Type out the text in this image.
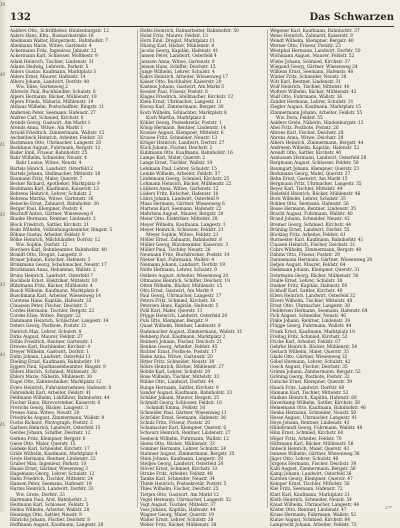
39
40
41
42
43
44
45
132	Das Schwarzen
Aalders Otto, Schriftleiter, Hindenburgstr. 12
Aalers Hans, Kfm., Bismarckstraße 18
Abelmann Walter, Bürgermstr., Bahnhofstr. 7
Abelmann Marie, Witwe, Gartenstr. 4
Ackermann Fritz, Ingenieur, Jahnstr. 22
Ackermann Karl, Schlosser, Moltkestr. 9
Adam Heinrich, Tischler, Lindenstr. 31
Adams Hedwig, Lehrerin, Parkstr. 5
Ahlers Gustav, Kaufmann, Marktplatz 3
Ahlers Ernst, Maurer, Hafenstr. 14
Albers Johann, Landwirt, Dorfstr. 40
Ww. Elise, Gartenweg 2
Albrecht Paul, Buchhändler, Schulstr. 6
Alpers Hermann, Bäcker, Mühlenstr. 19
Alpers Frieda, Näherin, Mühlenstr. 19
Althaus Wilhelm, Postschaffner, Ringstr. 11
Andersen Peter, Seemann, Hafenstr. 27
Andree Carl, Schmied, Kirchstr. 8
Arends Georg, Gastwirt, Am Markt 1
Arends Anna, Witwe, Am Markt 1
Arnold Friedrich, Zimmermann, Wallstr. 15
Aschenbeck Heinrich, Arbeiter, Feldstr. 33
Bachmann Otto, Uhrmacher, Langestr. 20
Backhaus August, Fuhrmann, Bergstr. 12
Bader Emil, Friseur, Bahnhofstr. 25
Bahr Wilhelm, Schneider, Neustr. 4
Bahr Louise, Witwe, Neustr. 4
Bartels Hinrich, Landwirt, Osterfeld 2
Bartels Johann, Stellmacher, Mittelstr. 18
Baumann Fritz, Maler, Querstr. 7
Becker Richard, Apotheker, Marktplatz 9
Beckmann Karl, Kaufmann, Kaiserstr. 13
Behrens Heinrich, Lehrer, Schulstr. 2
Behrens Martha, Witwe, Gartenstr. 16
Benecke Ernst, Zahnarzt, Bahnhofstr. 30
Berger Paul, Klempner, Poststr. 6
Bischoff Anton, Gärtner, Wiesenweg 8
Blanke Hermann, Rentner, Lindenstr. 3
Block Friedrich, Sattler, Kirchstr. 21
Bode Wilhelm, Vollziehungsbeamter, Ringstr. 5
Böhme Gustav, Arbeiter, Feldstr. 9
Bölke Heinrich, Milchhändler, Dorfstr. 12
Ww. Sophie, Dorfstr. 12
Borchers Karl, Bahnbeamter, Bahnhofstr. 40
Brandt Otto, Drogist, Langestr. 8
Brauer Johann, Kutscher, Hafenstr. 3
Brinkmann Georg, Schuhmacher, Neustr. 17
Brockmann Anna, Hebamme, Wallstr. 2
Bruns Heinrich, Landwirt, Osterfeld 7
Buchholz Ernst, Elektriker, Mittelstr. 10
Bührmann Fritz, Bäcker, Mühlenstr. 4
Busch Wilhelm, Kaufmann, Marktplatz 6
Buschmann Karl, Arbeiter, Wiesenweg 14
Carstens Hans, Kapitän, Hafenstr. 33
Claussen Peter, Fischer, Deichstr. 5
Cordes Hermann, Tischler, Bergstr. 22
Cordes Elise, Witwe, Bergstr. 22
Dammann Heinrich, Schlachter, Langestr. 14
Deters Georg, Postbote, Poststr. 11
Dietrich Max, Lehrer, Schulstr. 8
Dirks August, Maurer, Feldstr. 27
Döhle Friedrich, Rentner, Gartenstr. 1
Drewes Karl, Buchbinder, Kirchstr. 4
Dreyer Wilhelm, Gastwirt, Dorfstr. 1
Duhn Johann, Landwirt, Osterfeld 11
Ebeling Ernst, Kaufmann, Bahnhofstr. 19
Eggers Paul, Sparkassenbeamter, Ringstr. 9
Ehlers Hinrich, Schmied, Mühlenstr. 30
Ehlers Marie, Näherin, Mühlenstr. 30
Engel Otto, Zahntechniker, Marktplatz 12
Evers Heinrich, Fuhrunternehmer, Hafenstr. 8
Fahrenholz Karl, Arbeiter, Feldstr. 41
Feldmann Wilhelm, Lokführer, Bahnhofstr. 44
Fischer Hans, Bürovorsteher, Kaiserstr. 6
Frerichs Georg, Bäcker, Langestr. 3
Freese Anna, Witwe, Neustr. 20
Friedrichs August, Zimmermann, Wallstr. 9
Fuchs Richard, Photograph, Poststr. 2
Garbers Heinrich, Landwirt, Osterfeld 15
Gerdes Johann, Schiffer, Deichstr. 12
Gerken Fritz, Klempner, Bergstr. 6
Giese Otto, Maler, Querstr. 15
Gödeke Karl, Schneider, Kirchstr. 17
Gräfe Wilhelm, Kaufmann, Marktplatz 4
Grote Hermann, Rentner, Lindenstr. 22
Gruber Max, Ingenieur, Parkstr. 10
Haase Ernst, Gärtner, Wiesenweg 3
Hagemann Georg, Lehrer, Schulstr. 12
Hahn Friedrich, Tischler, Mittelstr. 24
Hansen Peter, Seemann, Hafenstr. 19
Harms Heinrich, Landwirt, Dorfstr. 33
Ww. Grete, Dorfstr. 33
Hartmann Paul, Arzt, Bahnhofstr. 2
Heitmann Karl, Schlosser, Feldstr. 5
Helms Wilhelm, Arbeiter, Wallstr. 28
Hennings Otto, Sattler, Neustr. 9
Hinrichs Johann, Fischer, Deichstr. 8
Hoffmann August, Kaufmann, Langestr. 26
Hohls Heinrich, Bahnarbeiter, Bahnhofstr. 50
Holst Fritz, Maurer, Feldstr. 13
Horn Emil, Drogist, Marktplatz 11
Hüsing Karl, Bäcker, Mühlenstr. 8
Jacobs Georg, Kapitän, Hafenstr. 41
Jansen Peter, Landwirt, Osterfeld 4
Janssen Anna, Witwe, Gartenstr. 9
Jensen Hans, Schiffer, Deichstr. 15
Junge Wilhelm, Lehrer, Schulstr. 4
Kahrs Heinrich, Arbeiter, Wiesenweg 17
Kaiser Otto, Buchhalter, Kaiserstr. 20
Kastens Johann, Gastwirt, Am Markt 5
Kessler Paul, Friseur, Poststr. 8
Klages Friedrich, Stellmacher, Kirchstr. 12
Klein Ernst, Uhrmacher, Langestr. 11
Knoop Karl, Zimmermann, Bergstr. 30
Koch Wilhelm, Schlachter, Marktplatz 8
Koch Martha, Marktplatz 8
Köhler Georg, Postsekretär, Poststr. 1
König Hermann, Rentner, Lindenstr. 14
Kramer August, Klempner, Mittelstr. 6
Krause Fritz, Schneider, Neustr. 13
Krüger Heinrich, Landwirt, Dorfstr. 27
Kück Johann, Fischer, Deichstr. 2
Kuhlmann Otto, Kaufmann, Bahnhofstr. 16
Lampe Karl, Maler, Querstr. 2
Lange Ernst, Tischler, Wallstr. 19
Lehmann Paul, Lehrer, Schulstr. 15
Lemke Wilhelm, Arbeiter, Feldstr. 37
Lindemann Georg, Schmied, Kirchstr. 25
Lohmann Heinrich, Bäcker, Mühlenstr. 22
Lübbers Anna, Witwe, Gartenstr. 12
Lüders Fritz, Kutscher, Hafenstr. 10
Lührs Johann, Landwirt, Osterfeld 9
Maas Hermann, Gärtner, Wiesenweg 6
Martens Karl, Seemann, Hafenstr. 22
Mehrtens August, Maurer, Bergstr. 18
Meier Otto, Elektriker, Mittelstr. 28
Meyer Wilhelm, Kaufmann, Langestr. 1
Meyer Heinrich, Schlosser, Feldstr. 21
Meyer Sophie, Witwe, Feldstr. 21
Möller Ernst, Zahnarzt, Bahnhofstr. 8
Müller Georg, Bürobeamter, Kaiserstr. 3
Müller Paul, Tischler, Neustr. 26
Neumann Fritz, Buchdrucker, Poststr. 14
Nieber Karl, Fuhrmann, Wallstr. 4
Niemann Johann, Landwirt, Dorfstr. 19
Nolte Hermann, Lehrer, Schulstr. 9
Oelkers August, Arbeiter, Wiesenweg 20
Oltmanns Heinrich, Schiffer, Deichstr. 18
Otten Wilhelm, Bäcker, Mühlenstr. 15
Otto Ernst, Gastwirt, Am Markt 9
Paul Georg, Uhrmacher, Langestr. 17
Peters Fritz, Schmied, Kirchstr. 30
Petersen Hans, Kapitän, Hafenstr. 5
Pohl Karl, Maler, Querstr. 11
Prigge Heinrich, Landwirt, Osterfeld 20
Puls Otto, Klempner, Bergstr. 9
Quast Wilhelm, Rentner, Lindenstr. 8
Rademacher August, Zimmermann, Wallstr. 31
Rehberg Paul, Kaufmann, Marktplatz 2
Reimers Johann, Fischer, Deichstr. 21
Renken Georg, Arbeiter, Feldstr. 45
Richter Ernst, Postbote, Poststr. 17
Rieke Anna, Witwe, Gartenstr. 20
Ritter Fritz, Schneider, Neustr. 30
Röhrs Heinrich, Bäcker, Mühlenstr. 27
Rohde Karl, Lehrer, Schulstr. 20
Rose Wilhelm, Tischler, Mittelstr. 33
Rübke Otto, Landwirt, Dorfstr. 44
Runge Hermann, Sattler, Kirchstr. 9
Sander August, Kaufmann, Bahnhofstr. 33
Schäfer Johann, Maurer, Bergstr. 25
Schmidt Georg, Schlosser, Feldstr. 16
Schmidt Emma, Feldstr. 16
Schneider Paul, Gärtner, Wiesenweg 11
Schröder Ernst, Seemann, Hafenstr. 36
Schulz Fritz, Friseur, Poststr. 20
Schumacher Karl, Klempner, Querstr. 6
Schwarz Heinrich, Rentner, Lindenstr. 27
Seebeck Wilhelm, Fuhrmann, Wallstr. 12
Siems Otto, Bäcker, Mühlenstr. 33
Sommer Hermann, Lehrer, Schulstr. 24
Stahmer August, Zimmermann, Bergstr. 35
Stein Johann, Kaufmann, Langestr. 29
Stelljes Georg, Landwirt, Osterfeld 24
Stöver Ernst, Schmied, Kirchstr. 33
Strube Fritz, Arbeiter, Feldstr. 48
Tamke Karl, Schneider, Neustr. 34
Thiele Heinrich, Postsekretär, Poststr. 5
Thies Wilhelm, Fischer, Deichstr. 25
Tietjen Otto, Gastwirt, Am Markt 12
Vogel Hermann, Uhrmacher, Langestr. 32
Vogt August, Tischler, Mittelstr. 37
Voss Johann, Kapitän, Hafenstr. 44
Wagner Georg, Maler, Querstr. 19
Walter Ernst, Lehrer, Schulstr. 28
Weber Fritz, Bäcker, Mühlenstr. 38
Wegener Karl, Kaufmann, Bahnhofstr. 37
Weiss Heinrich, Zahnarzt, Kaiserstr. 9
Wendt Wilhelm, Klempner, Bergstr. 40
Werner Otto, Friseur, Poststr. 23
Westphal Hermann, Landwirt, Dorfstr. 50
Wichmann August, Maurer, Feldstr. 52
Wiebe Johann, Schmied, Kirchstr. 37
Wiegand Georg, Gärtner, Wiesenweg 24
Wilkens Ernst, Seemann, Hafenstr. 48
Winter Fritz, Schneider, Neustr. 38
Witt Karl, Rentner, Lindenstr. 31
Wolf Heinrich, Tischler, Mittelstr. 40
Wolters Wilhelm, Bäcker, Mühlenstr. 42
Wulf Otto, Fuhrmann, Wallstr. 36
Zander Hermann, Lehrer, Schulstr. 31
Ziegler August, Kaufmann, Marktplatz 15
Zimmermann Johann, Arbeiter, Feldstr. 55
Ww. Dora, Feldstr. 55
Aalders Grete, Näherin, Hindenburgstr. 12
Abel Fritz, Postbote, Poststr. 26
Ahrens Karl, Fischer, Deichstr. 28
Ahrens Anna, Witwe, Deichstr. 28
Albers Heinrich, Zimmermann, Bergstr. 44
Andresen Wilhelm, Kapitän, Hafenstr. 52
Arendt Otto, Sattler, Kirchstr. 40
Asmussen Hermann, Landwirt, Osterfeld 28
Bargmann August, Schlosser, Feldstr. 58
Baumgart Johann, Klempner, Querstr. 23
Beckmann Georg, Maler, Querstr. 27
Behn Ernst, Gastwirt, Am Markt 15
Bergmann Fritz, Uhrmacher, Langestr. 35
Beyer Karl, Tischler, Mittelstr. 44
Bielefeld Heinrich, Bäcker, Mühlenstr. 46
Bock Wilhelm, Lehrer, Schulstr. 35
Bohlen Otto, Seemann, Hafenstr. 56
Bosse Hermann, Rentner, Lindenstr. 35
Bracht August, Fuhrmann, Wallstr. 40
Brand Johann, Schneider, Neustr. 42
Bremer Georg, Schmied, Kirchstr. 44
Brüning Ernst, Landwirt, Dorfstr. 55
Bücking Fritz, Arbeiter, Feldstr. 61
Burmester Karl, Kaufmann, Bahnhofstr. 41
Claasen Heinrich, Fischer, Deichstr. 31
Cohrs Wilhelm, Zimmermann, Bergstr. 48
Dahms Otto, Friseur, Poststr. 29
Dannemann Hermann, Gärtner, Wiesenweg 28
Detjen August, Maurer, Feldstr. 64
Diekmann Johann, Klempner, Querstr. 31
Dohrmann Georg, Bäcker, Mühlenstr. 50
Dralle Ernst, Lehrer, Schulstr. 38
Dunker Fritz, Kapitän, Hafenstr. 60
Eckhoff Karl, Sattler, Kirchstr. 48
Eilers Heinrich, Landwirt, Osterfeld 32
Elvers Wilhelm, Tischler, Mittelstr. 48
Ernst Otto, Uhrmacher, Langestr. 38
Feddersen Hermann, Seemann, Hafenstr. 64
Fick August, Schneider, Neustr. 46
Finke Johann, Rentner, Lindenstr. 39
Flügge Georg, Fuhrmann, Wallstr. 44
Frank Ernst, Kaufmann, Marktplatz 18
Freitag Fritz, Schmied, Kirchstr. 52
Fricke Karl, Arbeiter, Feldstr. 67
Gehrke Heinrich, Bäcker, Mühlenstr. 54
Gerlach Wilhelm, Maler, Querstr. 35
Glade Otto, Gärtner, Wiesenweg 32
Göbel Hermann, Lehrer, Schulstr. 42
Gosch August, Fischer, Deichstr. 35
Grimm Johann, Zimmermann, Bergstr. 52
Gröning Georg, Postbote, Poststr. 32
Gutsche Ernst, Klempner, Querstr. 39
Haack Fritz, Landwirt, Dorfstr. 60
Hamann Karl, Tischler, Mittelstr. 52
Hanken Heinrich, Kapitän, Hafenstr. 68
Haverkamp Wilhelm, Sattler, Kirchstr. 56
Heinemann Otto, Kaufmann, Bahnhofstr. 46
Henke Hermann, Schneider, Neustr. 50
Hesse August, Uhrmacher, Langestr. 41
Heyn Johann, Rentner, Lindenstr. 43
Hildebrandt Georg, Fuhrmann, Wallstr. 48
Hinz Ernst, Schmied, Kirchstr. 60
Höper Fritz, Arbeiter, Feldstr. 70
Hüttmann Karl, Bäcker, Mühlenstr. 58
Imbeck Heinrich, Maler, Querstr. 43
Isensee Wilhelm, Gärtner, Wiesenweg 36
Jäger Otto, Lehrer, Schulstr. 46
Jürgens Hermann, Fischer, Deichstr. 39
Kahl August, Zimmermann, Bergstr. 56
Kamp Johann, Landwirt, Osterfeld 36
Karsten Georg, Klempner, Querstr. 47
Kemper Ernst, Tischler, Mittelstr. 56
Kiel Fritz, Seemann, Hafenstr. 72
Klatt Karl, Kaufmann, Marktplatz 21
Kloth Heinrich, Schneider, Neustr. 54
Knust Wilhelm, Uhrmacher, Langestr. 44
Köster Otto, Rentner, Lindenstr. 47
Kruse Hermann, Fuhrmann, Wallstr. 52
Kunze August, Schmied, Kirchstr. 64
Lamprecht Johann, Arbeiter, Feldstr. 73
17*
